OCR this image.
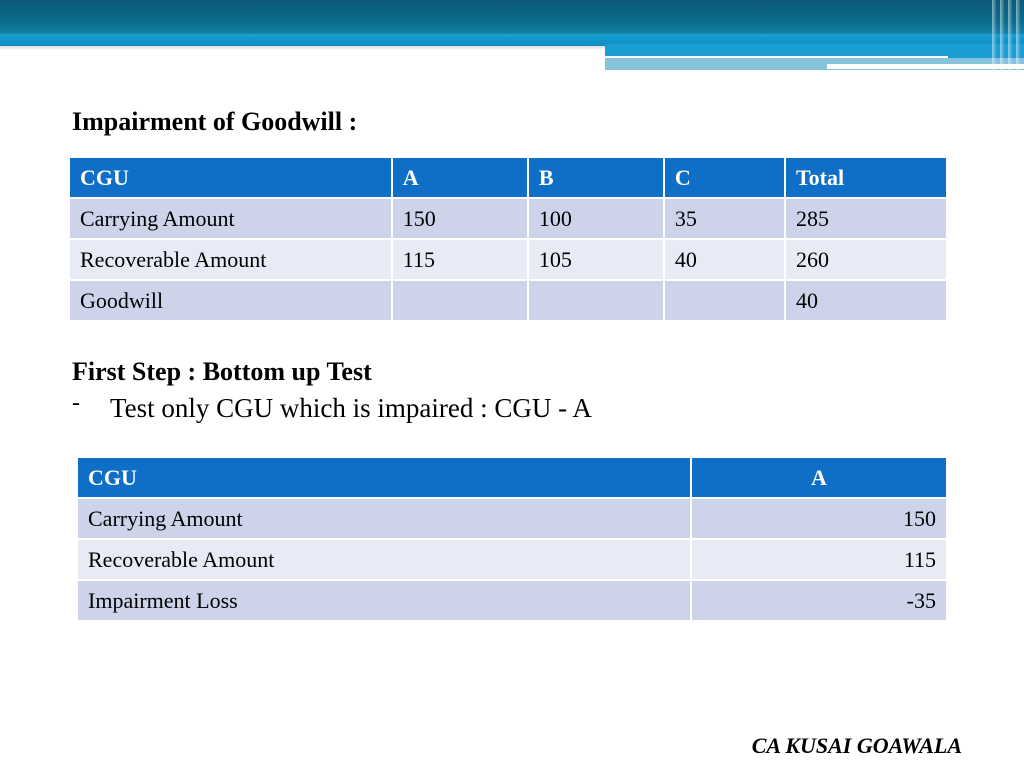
Impairment of Goodwill :
CGU	A	B	C	Total
Carrying Amount	150	100	35	285
Recoverable Amount	115	105	40	260
Goodwill				40
First Step : Bottom up Test
-	Test only CGU which is impaired : CGU - A
CGU	A
Carrying Amount	150
Recoverable Amount	115
Impairment Loss	-35
CA KUSAI GOAWALA
